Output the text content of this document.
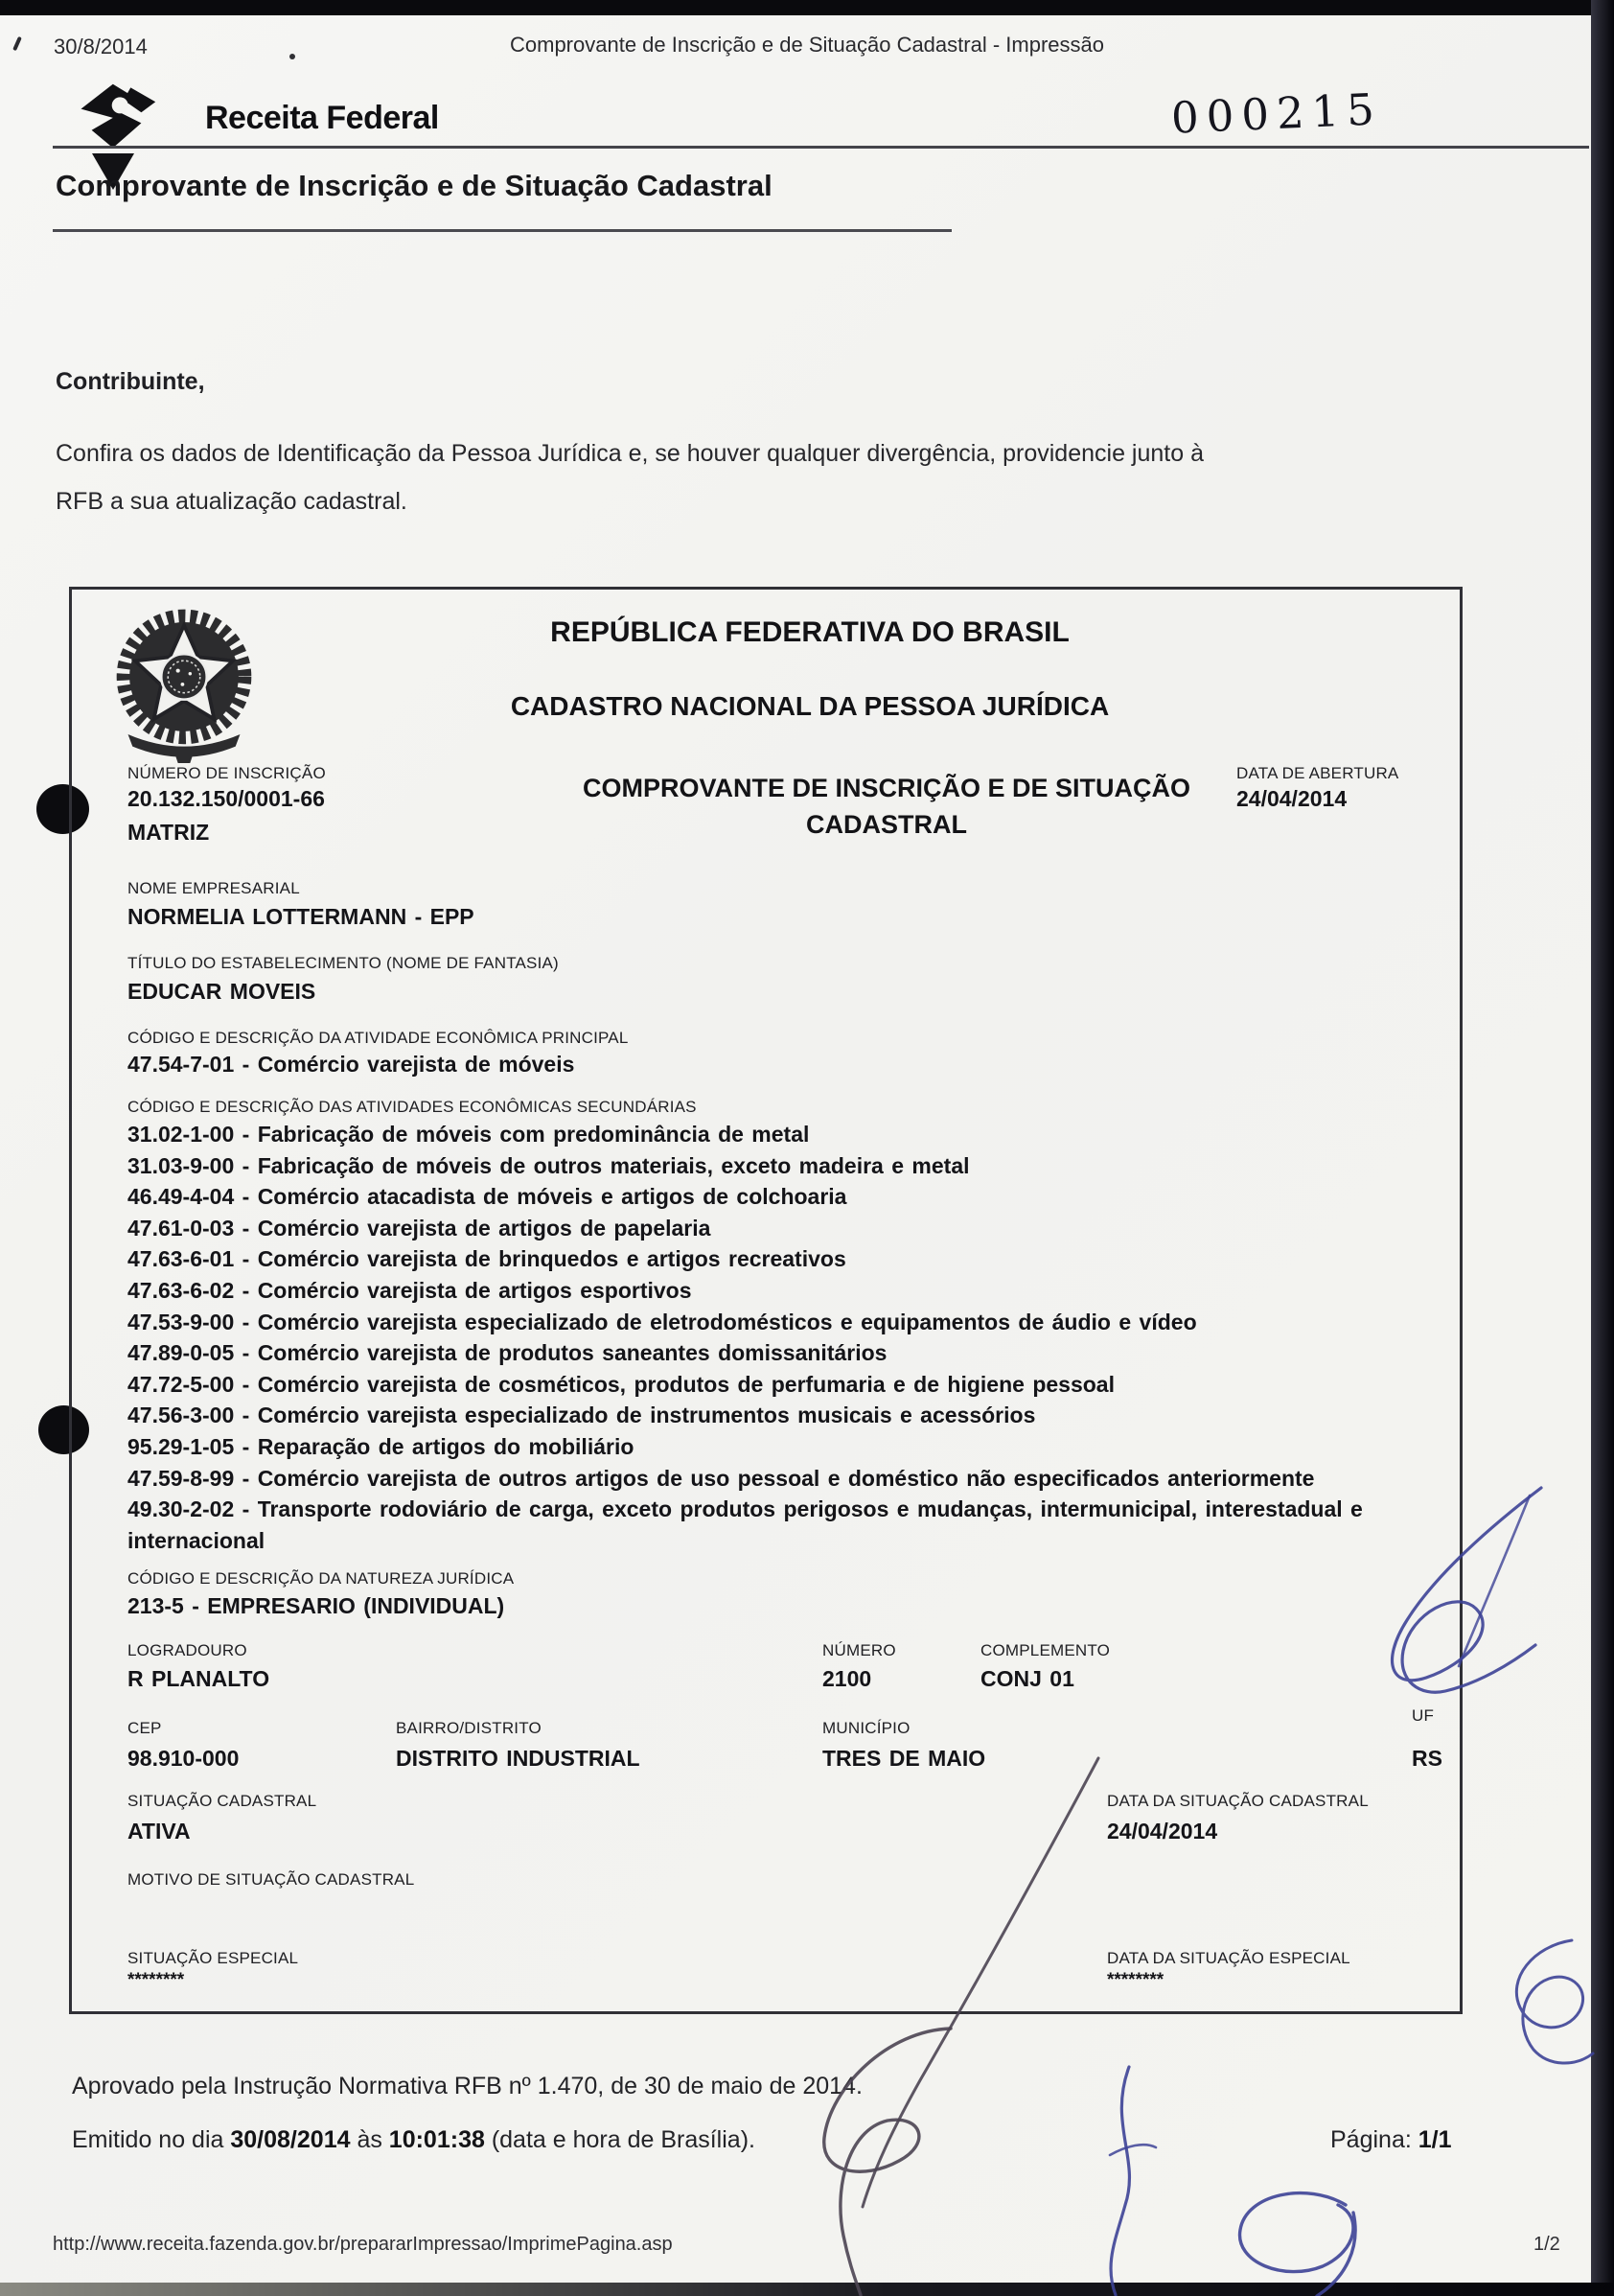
30/8/2014	Comprovante de Inscrição e de Situação Cadastral - Impressão
Receita Federal	000215
Comprovante de Inscrição e de Situação Cadastral
Contribuinte,
Confira os dados de Identificação da Pessoa Jurídica e, se houver qualquer divergência, providencie junto à
RFB a sua atualização cadastral.
REPÚBLICA FEDERATIVA DO BRASIL
CADASTRO NACIONAL DA PESSOA JURÍDICA
NÚMERO DE INSCRIÇÃO
20.132.150/0001-66
MATRIZ
COMPROVANTE DE INSCRIÇÃO E DE SITUAÇÃO
CADASTRAL
DATA DE ABERTURA
24/04/2014
NOME EMPRESARIAL
NORMELIA LOTTERMANN - EPP
TÍTULO DO ESTABELECIMENTO (NOME DE FANTASIA)
EDUCAR MOVEIS
CÓDIGO E DESCRIÇÃO DA ATIVIDADE ECONÔMICA PRINCIPAL
47.54-7-01 - Comércio varejista de móveis
CÓDIGO E DESCRIÇÃO DAS ATIVIDADES ECONÔMICAS SECUNDÁRIAS
31.02-1-00 - Fabricação de móveis com predominância de metal
31.03-9-00 - Fabricação de móveis de outros materiais, exceto madeira e metal
46.49-4-04 - Comércio atacadista de móveis e artigos de colchoaria
47.61-0-03 - Comércio varejista de artigos de papelaria
47.63-6-01 - Comércio varejista de brinquedos e artigos recreativos
47.63-6-02 - Comércio varejista de artigos esportivos
47.53-9-00 - Comércio varejista especializado de eletrodomésticos e equipamentos de áudio e vídeo
47.89-0-05 - Comércio varejista de produtos saneantes domissanitários
47.72-5-00 - Comércio varejista de cosméticos, produtos de perfumaria e de higiene pessoal
47.56-3-00 - Comércio varejista especializado de instrumentos musicais e acessórios
95.29-1-05 - Reparação de artigos do mobiliário
47.59-8-99 - Comércio varejista de outros artigos de uso pessoal e doméstico não especificados anteriormente
49.30-2-02 - Transporte rodoviário de carga, exceto produtos perigosos e mudanças, intermunicipal, interestadual e internacional
CÓDIGO E DESCRIÇÃO DA NATUREZA JURÍDICA
213-5 - EMPRESARIO (INDIVIDUAL)
LOGRADOURO
R PLANALTO
NÚMERO
2100
COMPLEMENTO
CONJ 01
CEP
98.910-000
BAIRRO/DISTRITO
DISTRITO INDUSTRIAL
MUNICÍPIO
TRES DE MAIO
UF
RS
SITUAÇÃO CADASTRAL
ATIVA
DATA DA SITUAÇÃO CADASTRAL
24/04/2014
MOTIVO DE SITUAÇÃO CADASTRAL
SITUAÇÃO ESPECIAL
********
DATA DA SITUAÇÃO ESPECIAL
********
Aprovado pela Instrução Normativa RFB nº 1.470, de 30 de maio de 2014.
Emitido no dia 30/08/2014 às 10:01:38 (data e hora de Brasília).	Página: 1/1
http://www.receita.fazenda.gov.br/prepararImpressao/ImprimePagina.asp	1/2
